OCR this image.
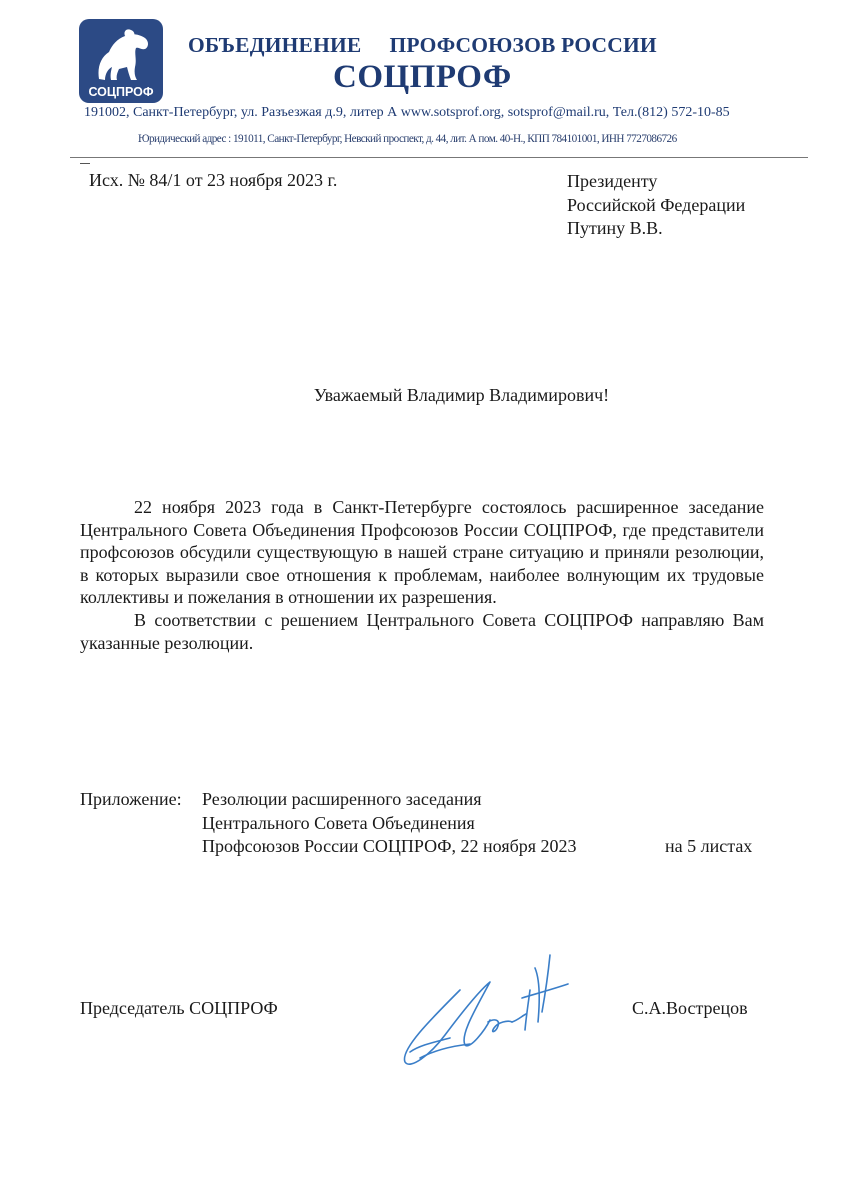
СОЦПРОФ
ОБЪЕДИНЕНИЕ ПРОФСОЮЗОВ РОССИИ
СОЦПРОФ
191002, Санкт-Петербург, ул. Разъезжая д.9, литер А www.sotsprof.org, sotsprof@mail.ru, Тел.(812) 572-10-85
Юридический адрес : 191011, Санкт-Петербург, Невский проспект, д. 44, лит. А пом. 40-Н., КПП 784101001, ИНН 7727086726
Исх. № 84/1 от 23 ноября 2023 г.	Президенту
Российской Федерации
Путину В.В.
Уважаемый Владимир Владимирович!

22 ноября 2023 года в Санкт-Петербурге состоялось расширенное заседание Центрального Совета Объединения Профсоюзов России СОЦПРОФ, где представители профсоюзов обсудили существующую в нашей стране ситуацию и приняли резолюции, в которых выразили свое отношения к проблемам, наиболее волнующим их трудовые коллективы и пожелания в отношении их разрешения.

В соответствии с решением Центрального Совета СОЦПРОФ направляю Вам указанные резолюции.

Приложение: Резолюции расширенного заседания
Центрального Совета Объединения
Профсоюзов России СОЦПРОФ, 22 ноября 2023	на 5 листах
Председатель СОЦПРОФ	С.А.Вострецов
